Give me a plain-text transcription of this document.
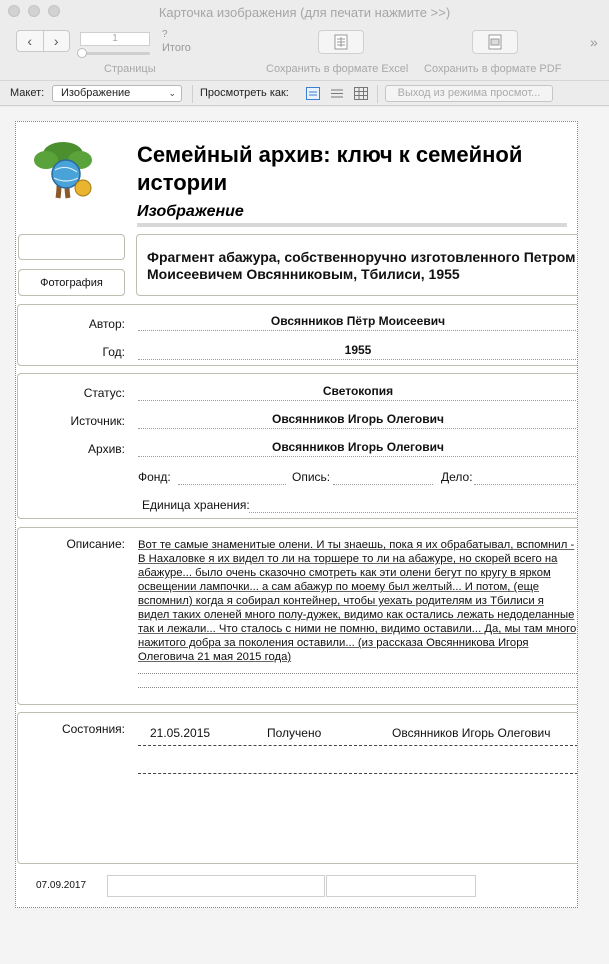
Карточка изображения (для печати нажмите >>)
‹ ›	1	?
Итого
Страницы	Сохранить в формате Excel Сохранить в формате PDF
»
Макет:	Изображение	⌄ Просмотреть как:	Выход из режима просмот...
Семейный архив: ключ к семейной истории
Изображение
Фотография
Фрагмент абажура, собственноручно изготовленного Петром Моисеевичем Овсянниковым, Тбилиси, 1955
Автор:	Овсянников Пётр Моисеевич
Год:	1955
Статус:	Светокопия
Источник:	Овсянников Игорь Олегович
Архив:	Овсянников Игорь Олегович
Фонд:	Опись:	Дело:
Единица хранения:
Описание: Вот те самые знаменитые олени. И ты знаешь, пока я их обрабатывал, вспомнил - В Нахаловке я их видел то ли на торшере то ли на абажуре, но скорей всего на абажуре... было очень сказочно смотреть как эти олени бегут по кругу в ярком освещении лампочки... а сам абажур по моему был желтый... И потом, (еще вспомнил) когда я собирал контейнер, чтобы уехать родителям из Тбилиси я видел таких оленей много полу-дужек, видимо как остались лежать недоделанные так и лежали... Что сталось с ними не помню, видимо оставили... Да, мы там много нажитого добра за поколения оставили... (из рассказа Овсянникова Игоря Олеговича 21 мая 2015 года)
Состояния: 21.05.2015	Получено	Овсянников Игорь Олегович
07.09.2017
